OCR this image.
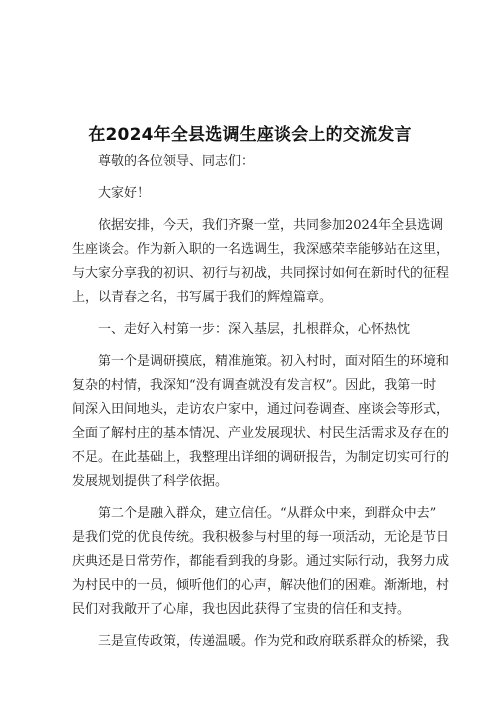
在2024年全县选调生座谈会上的交流发言

尊敬的各位领导、同志们：

大家好！

依据安排，今天，我们齐聚一堂，共同参加2024年全县选调
生座谈会。作为新入职的一名选调生，我深感荣幸能够站在这里，
与大家分享我的初识、初行与初战，共同探讨如何在新时代的征程
上，以青春之名，书写属于我们的辉煌篇章。

一、走好入村第一步：深入基层，扎根群众，心怀热忱

第一个是调研摸底，精准施策。初入村时，面对陌生的环境和
复杂的村情，我深知“没有调查就没有发言权”。因此，我第一时
间深入田间地头，走访农户家中，通过问卷调查、座谈会等形式，
全面了解村庄的基本情况、产业发展现状、村民生活需求及存在的
不足。在此基础上，我整理出详细的调研报告，为制定切实可行的
发展规划提供了科学依据。

第二个是融入群众，建立信任。“从群众中来，到群众中去”
是我们党的优良传统。我积极参与村里的每一项活动，无论是节日
庆典还是日常劳作，都能看到我的身影。通过实际行动，我努力成
为村民中的一员，倾听他们的心声，解决他们的困难。渐渐地，村
民们对我敞开了心扉，我也因此获得了宝贵的信任和支持。

三是宣传政策，传递温暖。作为党和政府联系群众的桥梁，我
